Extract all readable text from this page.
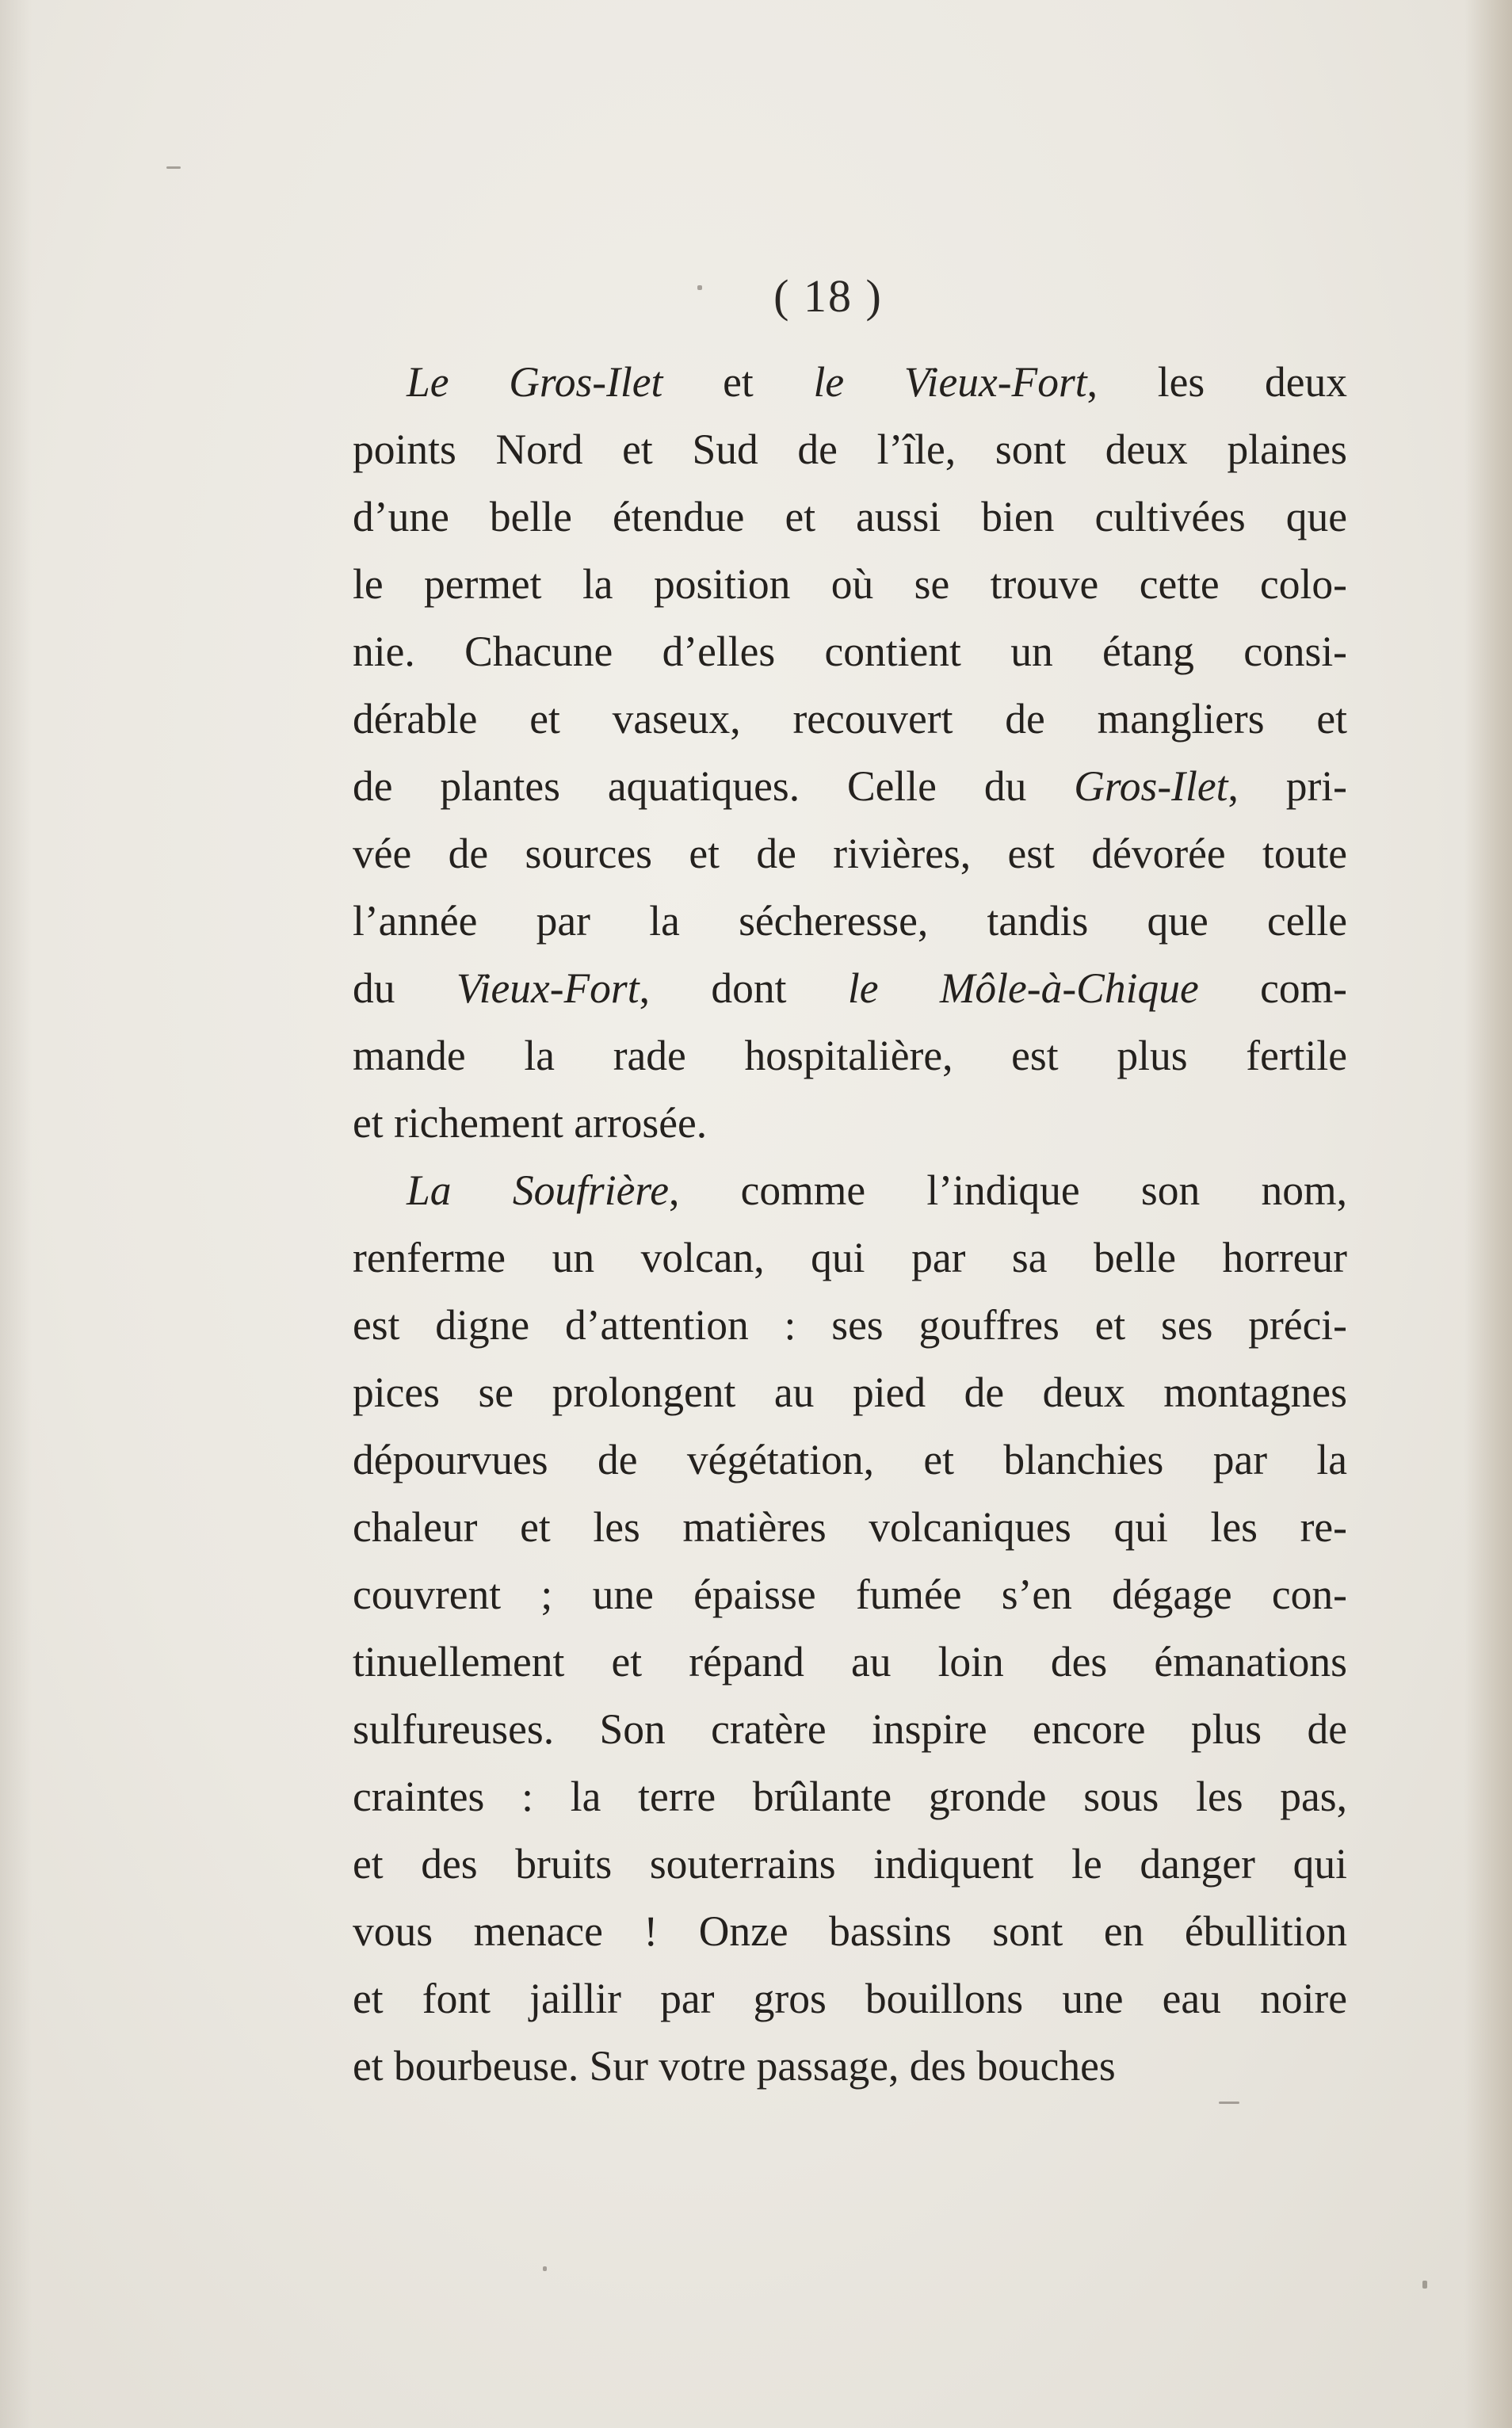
( 18 )
Le Gros-Ilet et le Vieux-Fort, les deux
points Nord et Sud de l’île, sont deux plaines
d’une belle étendue et aussi bien cultivées que
le permet la position où se trouve cette colo-
nie. Chacune d’elles contient un étang consi-
dérable et vaseux, recouvert de mangliers et
de plantes aquatiques. Celle du Gros-Ilet, pri-
vée de sources et de rivières, est dévorée toute
l’année par la sécheresse, tandis que celle
du Vieux-Fort, dont le Môle-à-Chique com-
mande la rade hospitalière, est plus fertile
et richement arrosée.
La Soufrière, comme l’indique son nom,
renferme un volcan, qui par sa belle horreur
est digne d’attention : ses gouffres et ses préci-
pices se prolongent au pied de deux montagnes
dépourvues de végétation, et blanchies par la
chaleur et les matières volcaniques qui les re-
couvrent ; une épaisse fumée s’en dégage con-
tinuellement et répand au loin des émanations
sulfureuses. Son cratère inspire encore plus de
craintes : la terre brûlante gronde sous les pas,
et des bruits souterrains indiquent le danger qui
vous menace ! Onze bassins sont en ébullition
et font jaillir par gros bouillons une eau noire
et bourbeuse. Sur votre passage, des bouches
